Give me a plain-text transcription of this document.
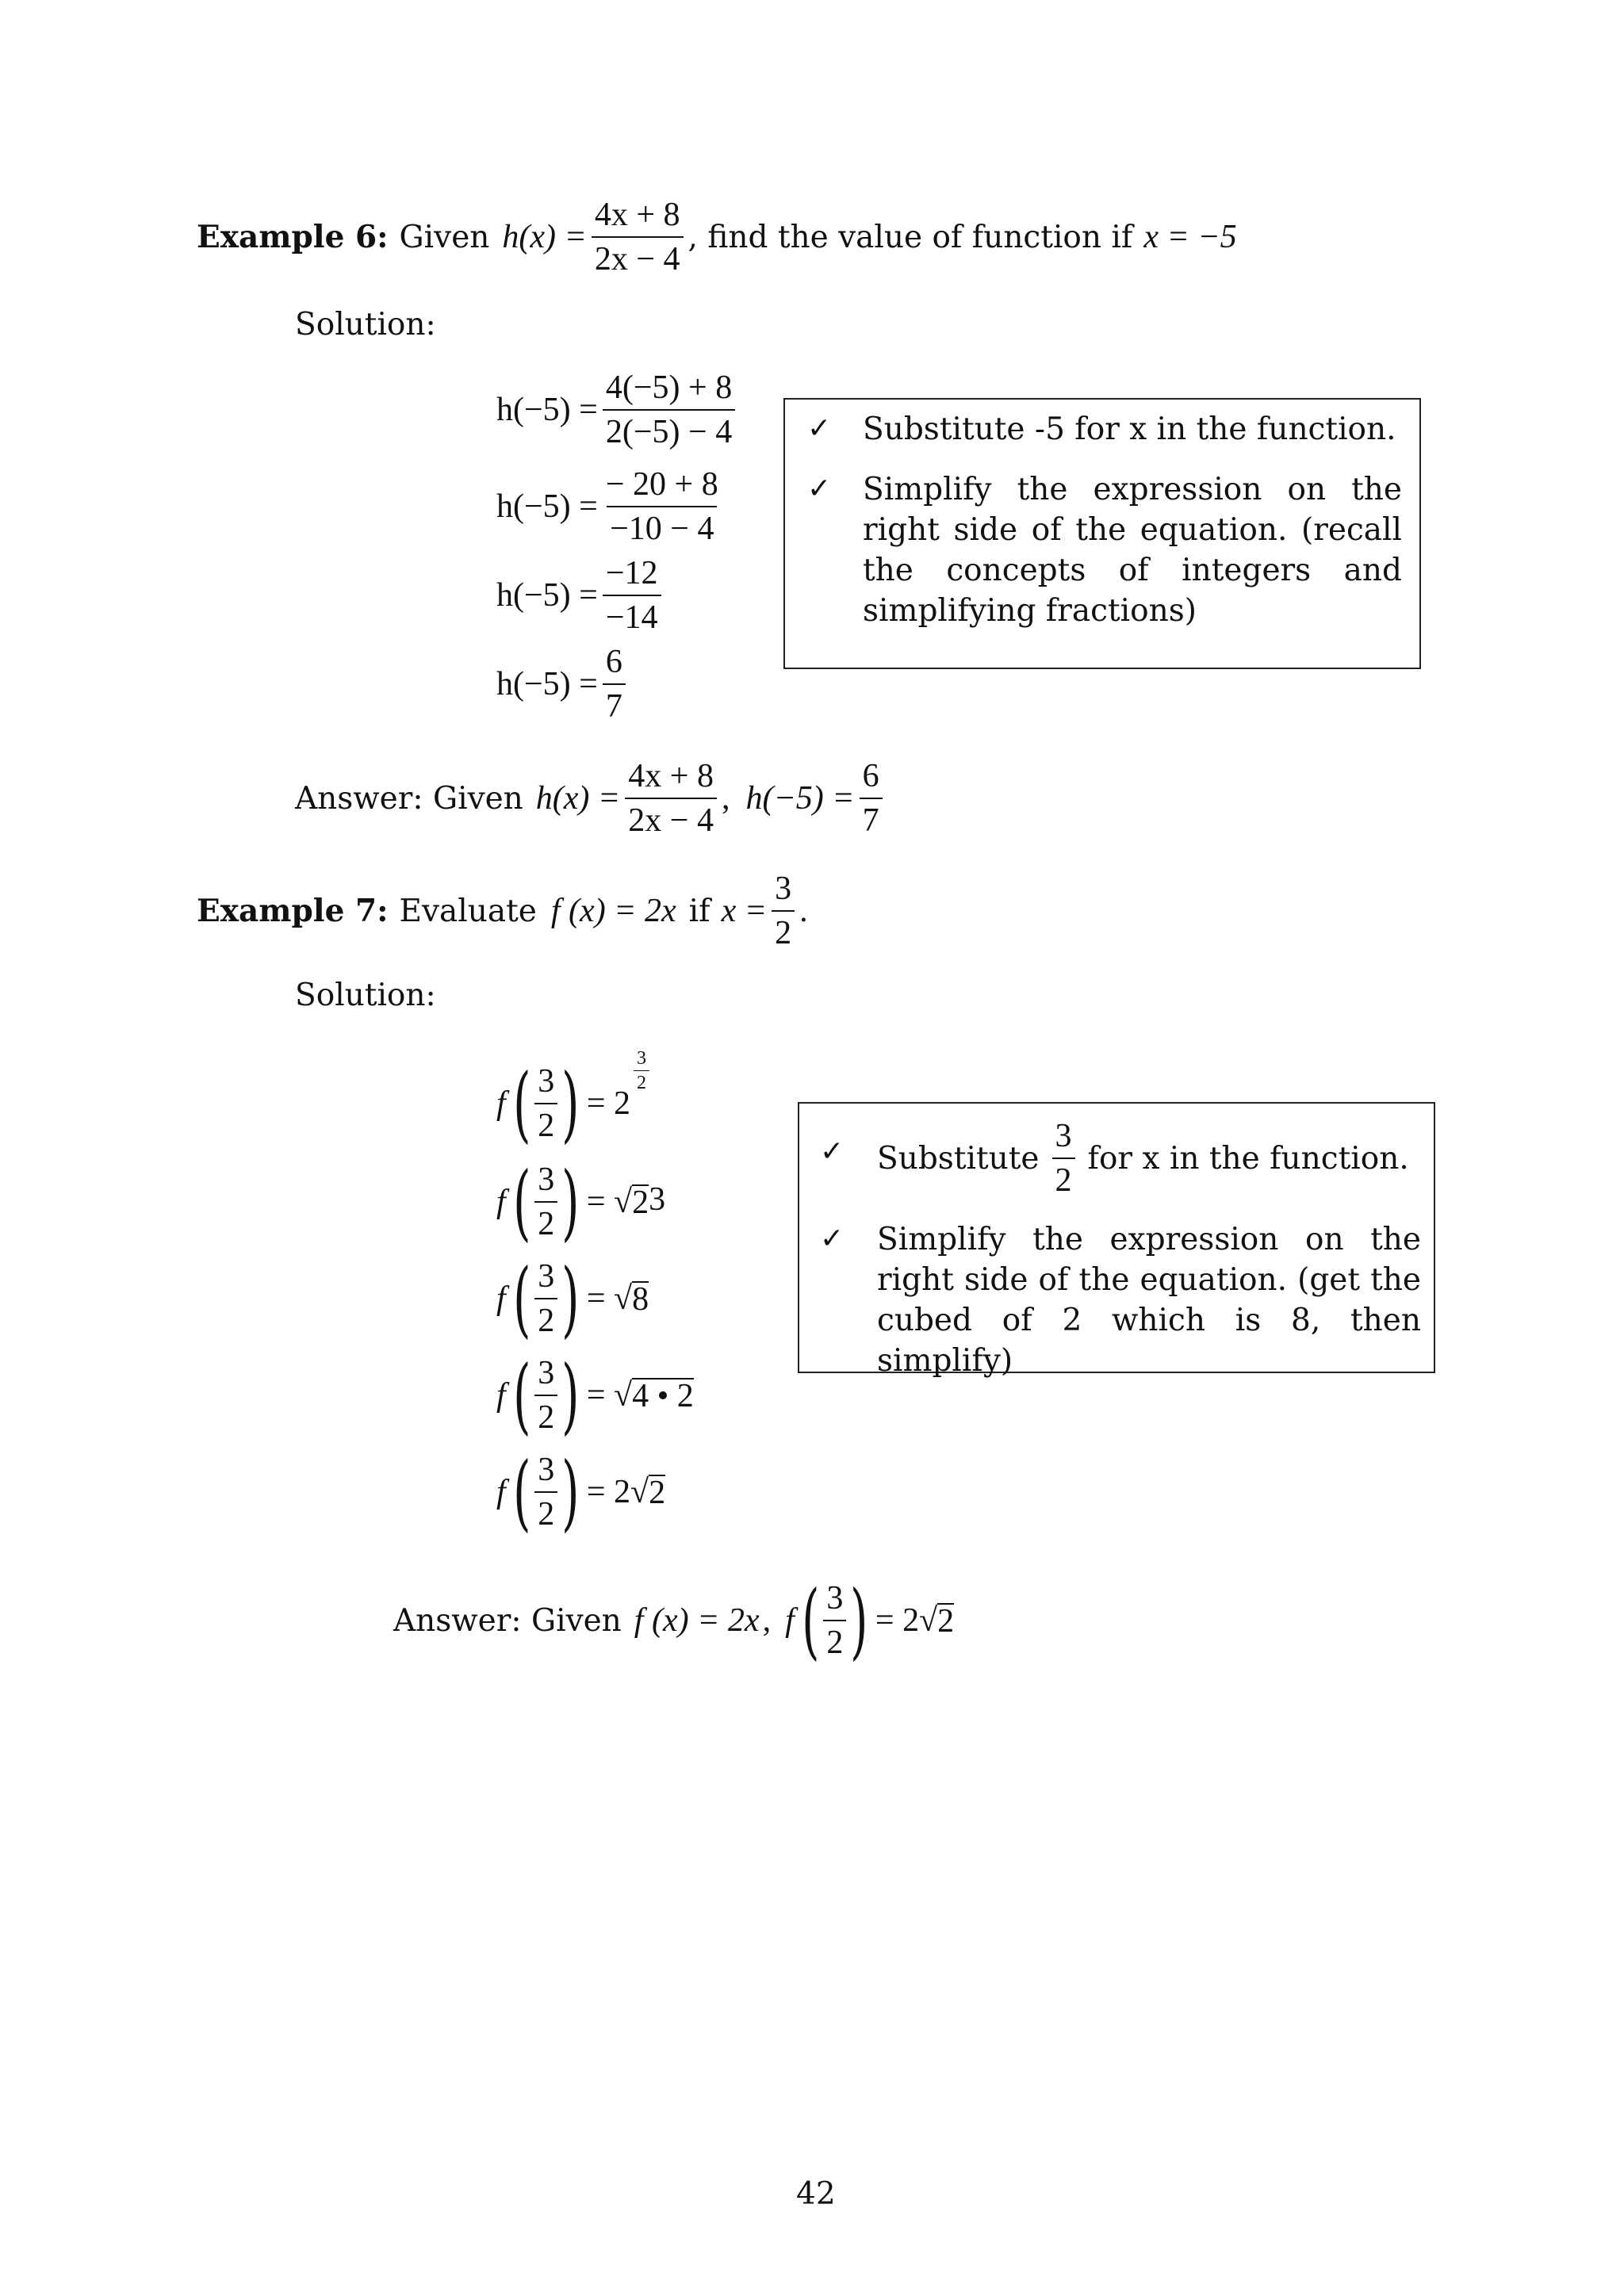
Example 6: Given $h(x) = \frac{4x + 8}{2x - 4}$ , find the value of function if x = −5
Solution:
$h(-5) = \frac{4(-5) + 8}{2(-5) - 4}$
$h(-5) = \frac{- 20 + 8}{-10 - 4}$
$h(-5) = \frac{-12}{-14}$
$h(-5) = \frac{6}{7}$
✓ Substitute -5 for x in the function.
✓ Simplify the expression on the right side of the equation. (recall the concepts of integers and simplifying fractions)
Answer: Given $h(x) = \frac{4x + 8}{2x - 4}$ , $h(-5) = \frac{6}{7}$
Example 7: Evaluate f (x) = 2 x if $x = \frac{3}{2}$ .
Solution:
f ( $\frac{3}{2}$ ) = 2
$\frac{3}{2}$
f ( $\frac{3}{2}$ ) = √ 2 3
f ( $\frac{3}{2}$ ) = √ 8
f ( $\frac{3}{2}$ ) = √ 4 • 2
f ( $\frac{3}{2}$ ) = 2√ 2
✓ Substitute $\frac{3}{2}$ for x in the function.
✓ Simplify the expression on the right side of the equation. (get the cubed of 2 which is 8, then simplify)
Answer: Given f (x) = 2 x , f ( $\frac{3}{2}$ ) = 2√ 2
42
